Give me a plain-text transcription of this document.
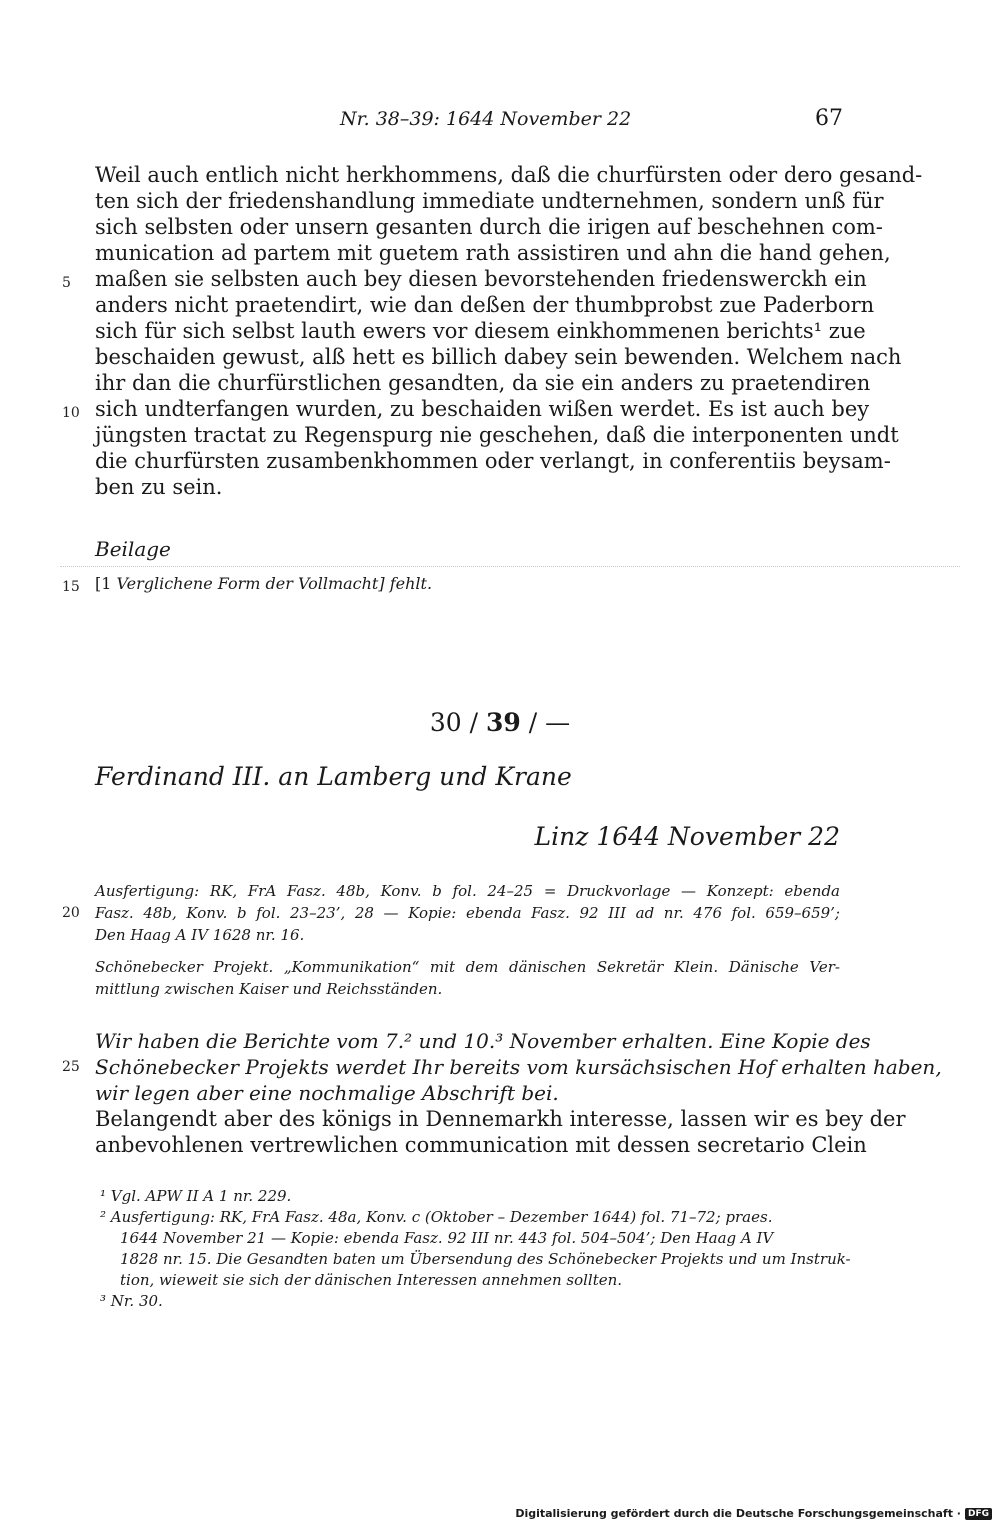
Nr. 38–39: 1644 November 22	67
Weil auch entlich nicht herkhommens, daß die churfürsten oder dero gesand-
ten sich der friedenshandlung immediate undternehmen, sondern unß für
sich selbsten oder unsern gesanten durch die irigen auf beschehnen com-
munication ad partem mit guetem rath assistiren und ahn die hand gehen,
maßen sie selbsten auch bey diesen bevorstehenden friedenswerckh ein
anders nicht praetendirt, wie dan deßen der thumbprobst zue Paderborn
sich für sich selbst lauth ewers vor diesem einkhommenen berichts¹ zue
beschaiden gewust, alß hett es billich dabey sein bewenden. Welchem nach
ihr dan die churfürstlichen gesandten, da sie ein anders zu praetendiren
sich undterfangen wurden, zu beschaiden wißen werdet. Es ist auch bey
jüngsten tractat zu Regenspurg nie geschehen, daß die interponenten undt
die churfürsten zusambenkhommen oder verlangt, in conferentiis beysam-
ben zu sein.
5
10
Beilage
15 [1 Verglichene Form der Vollmacht] fehlt.
30 / 39 / —
Ferdinand III. an Lamberg und Krane
Linz 1644 November 22
Ausfertigung: RK, FrA Fasz. 48b, Konv. b fol. 24–25 = Druckvorlage — Konzept: ebenda
Fasz. 48b, Konv. b fol. 23–23’, 28 — Kopie: ebenda Fasz. 92 III ad nr. 476 fol. 659–659’;
Den Haag A IV 1628 nr. 16.
20
Schönebecker Projekt. „Kommunikation“ mit dem dänischen Sekretär Klein. Dänische Ver-
mittlung zwischen Kaiser und Reichsständen.
Wir haben die Berichte vom 7.² und 10.³ November erhalten. Eine Kopie des
Schönebecker Projekts werdet Ihr bereits vom kursächsischen Hof erhalten haben,
wir legen aber eine nochmalige Abschrift bei.
25
Belangendt aber des königs in Dennemarkh interesse, lassen wir es bey der
anbevohlenen vertrewlichen communication mit dessen secretario Clein
¹ Vgl. APW II A 1 nr. 229.
² Ausfertigung: RK, FrA Fasz. 48a, Konv. c (Oktober – Dezember 1644) fol. 71–72; praes.
1644 November 21 — Kopie: ebenda Fasz. 92 III nr. 443 fol. 504–504’; Den Haag A IV
1828 nr. 15. Die Gesandten baten um Übersendung des Schönebecker Projekts und um Instruk-
tion, wieweit sie sich der dänischen Interessen annehmen sollten.
³ Nr. 30.
Digitalisierung gefördert durch die Deutsche Forschungsgemeinschaft · DFG
